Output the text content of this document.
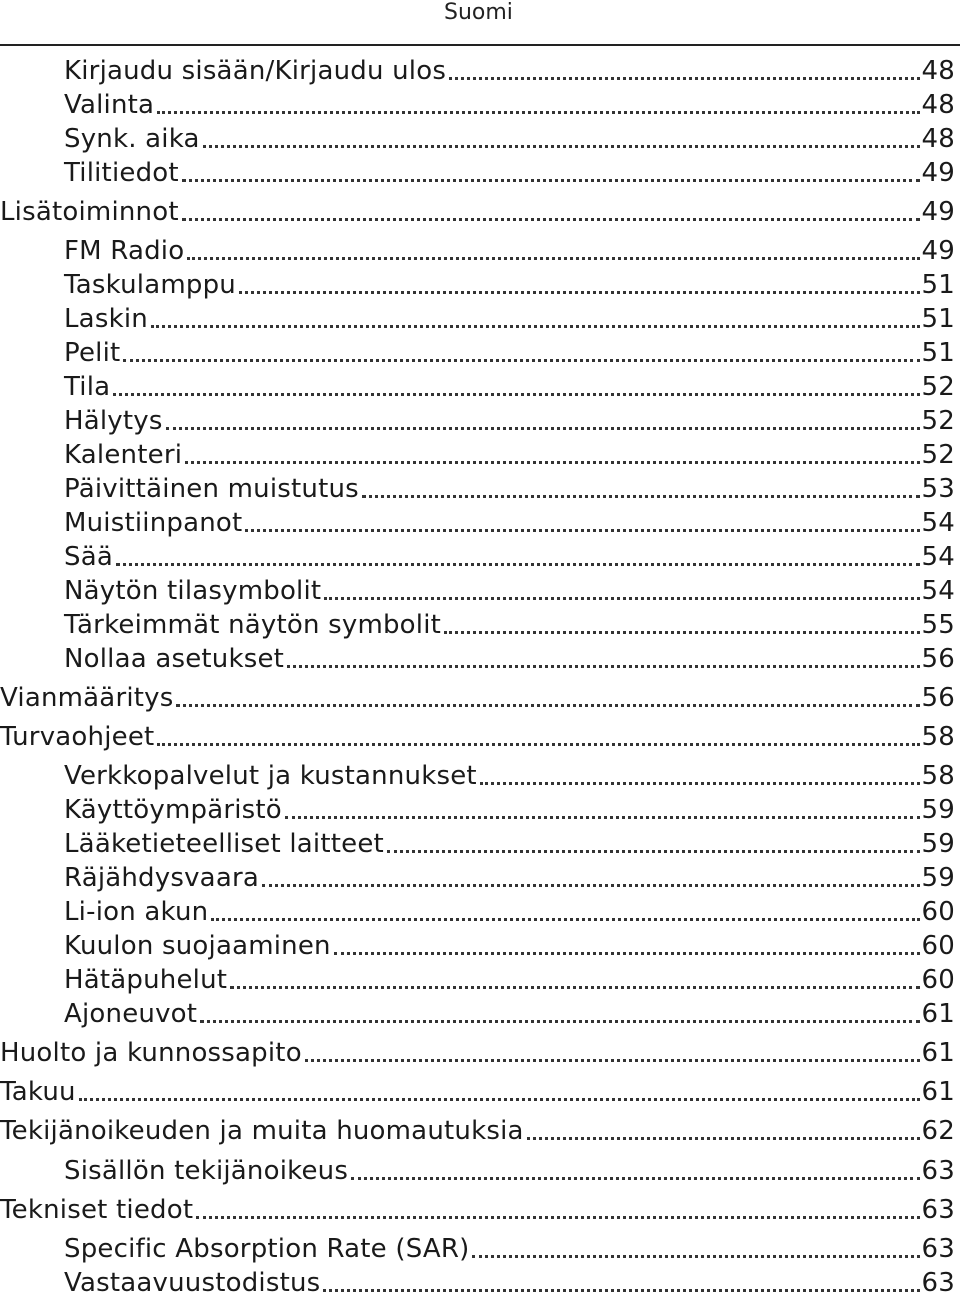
Suomi
Kirjaudu sisään/Kirjaudu ulos	48
Valinta	48
Synk. aika	48
Tilitiedot	49
Lisätoiminnot	49
FM Radio	49
Taskulamppu	51
Laskin	51
Pelit	51
Tila	52
Hälytys	52
Kalenteri	52
Päivittäinen muistutus	53
Muistiinpanot	54
Sää	54
Näytön tilasymbolit	54
Tärkeimmät näytön symbolit	55
Nollaa asetukset	56
Vianmääritys	56
Turvaohjeet	58
Verkkopalvelut ja kustannukset	58
Käyttöympäristö	59
Lääketieteelliset laitteet	59
Räjähdysvaara	59
Li-ion akun	60
Kuulon suojaaminen	60
Hätäpuhelut	60
Ajoneuvot	61
Huolto ja kunnossapito	61
Takuu	61
Tekijänoikeuden ja muita huomautuksia	62
Sisällön tekijänoikeus	63
Tekniset tiedot	63
Specific Absorption Rate (SAR)	63
Vastaavuustodistus	63
